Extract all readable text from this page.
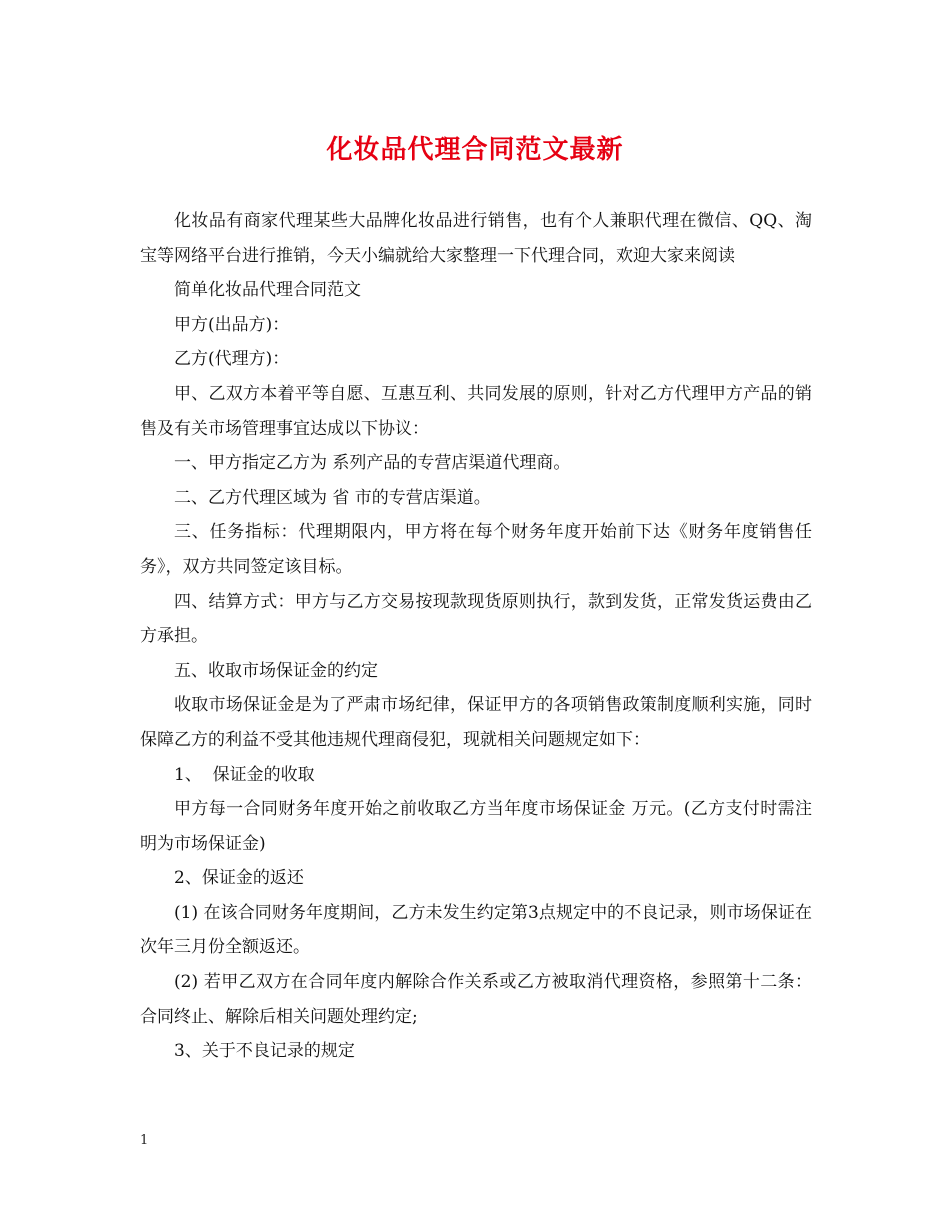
化妆品代理合同范文最新

化妆品有商家代理某些大品牌化妆品进行销售，也有个人兼职代理在微信、QQ、淘宝等网络平台进行推销，今天小编就给大家整理一下代理合同，欢迎大家来阅读

简单化妆品代理合同范文

甲方(出品方)：

乙方(代理方)：

甲、乙双方本着平等自愿、互惠互利、共同发展的原则，针对乙方代理甲方产品的销售及有关市场管理事宜达成以下协议：

一、甲方指定乙方为 系列产品的专营店渠道代理商。

二、乙方代理区域为 省 市的专营店渠道。

三、任务指标：代理期限内，甲方将在每个财务年度开始前下达《财务年度销售任务》，双方共同签定该目标。

四、结算方式：甲方与乙方交易按现款现货原则执行，款到发货，正常发货运费由乙方承担。

五、收取市场保证金的约定

收取市场保证金是为了严肃市场纪律，保证甲方的各项销售政策制度顺利实施，同时保障乙方的利益不受其他违规代理商侵犯，现就相关问题规定如下：

1、  保证金的收取

甲方每一合同财务年度开始之前收取乙方当年度市场保证金 万元。(乙方支付时需注明为市场保证金)

2、保证金的返还

(1) 在该合同财务年度期间，乙方未发生约定第3点规定中的不良记录，则市场保证在次年三月份全额返还。

(2) 若甲乙双方在合同年度内解除合作关系或乙方被取消代理资格，参照第十二条：合同终止、解除后相关问题处理约定;

3、关于不良记录的规定

1
